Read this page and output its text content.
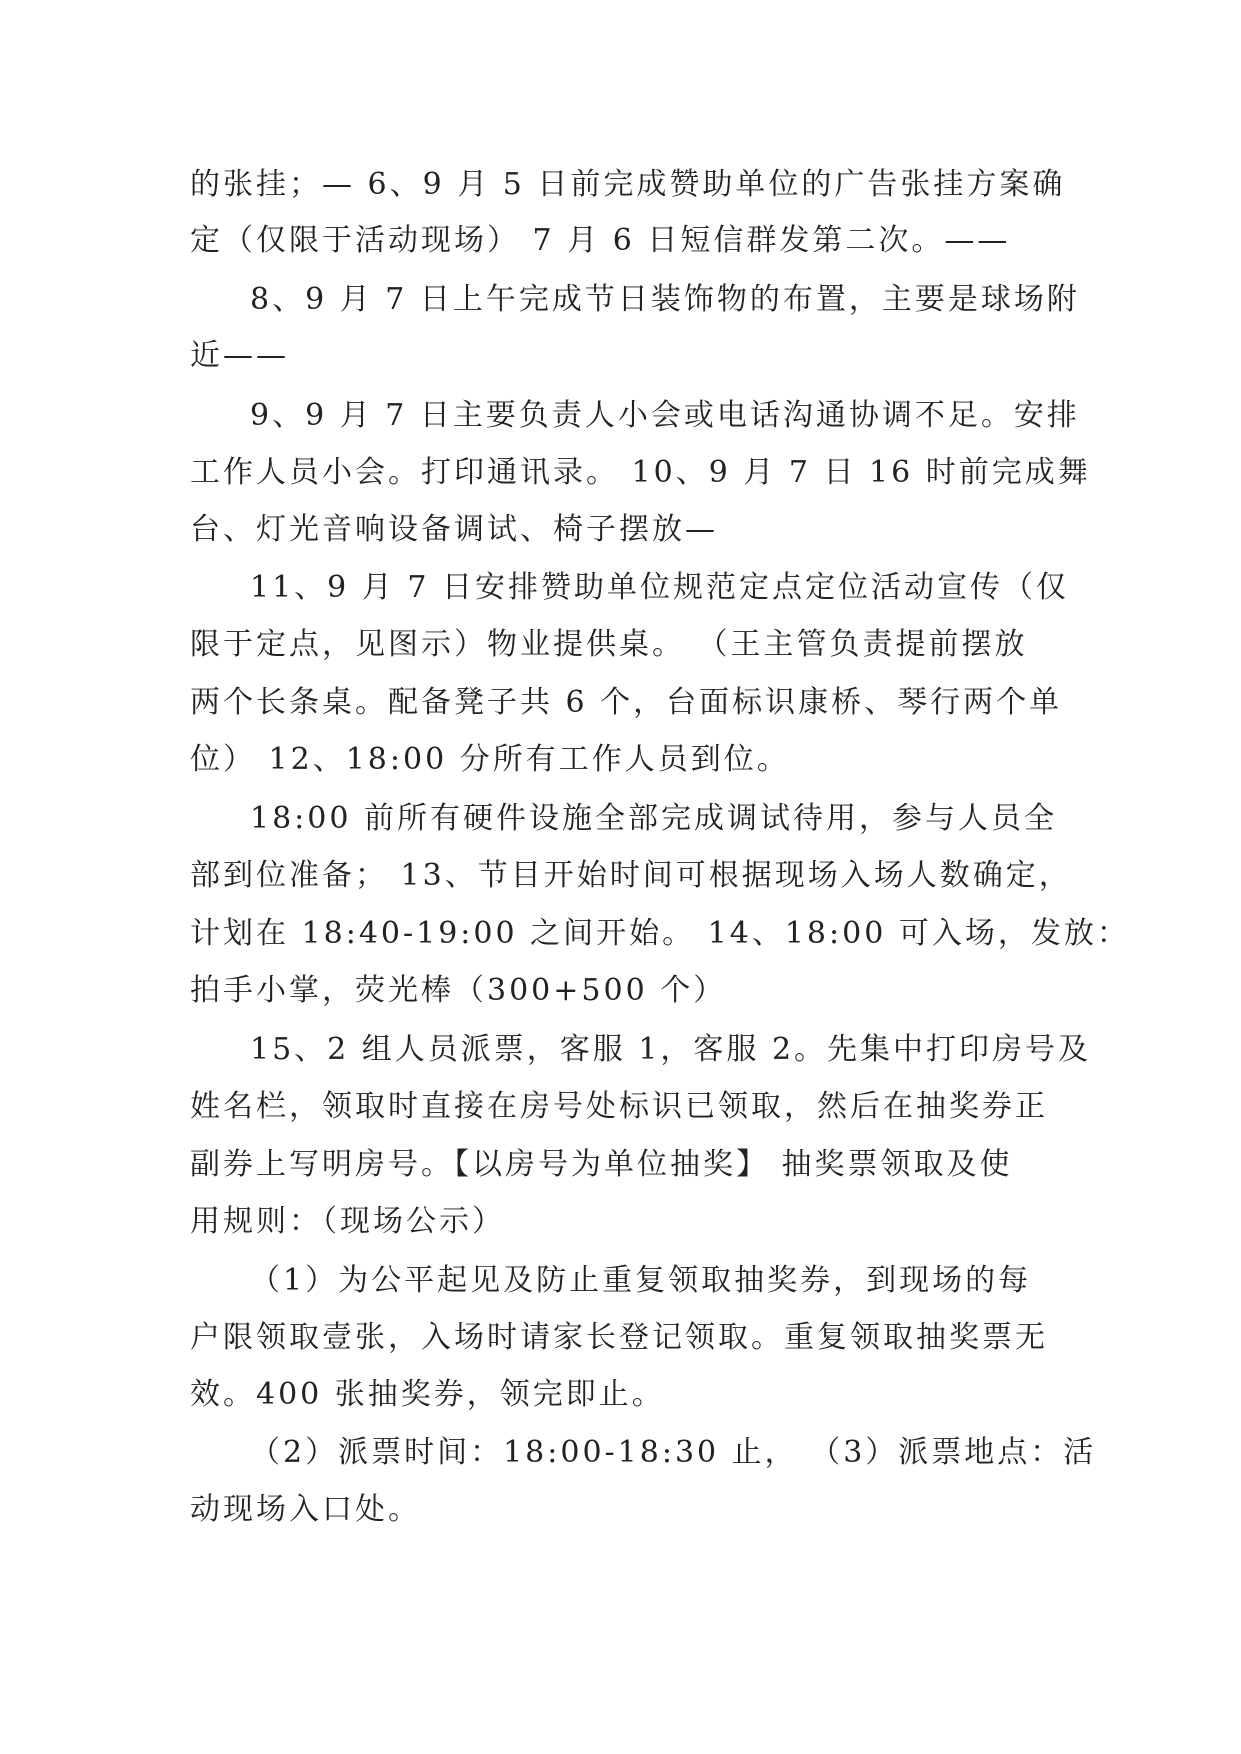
的张挂；— 6、9 月 5 日前完成赞助单位的广告张挂方案确
定（仅限于活动现场） 7 月 6 日短信群发第二次。——
8、9 月 7 日上午完成节日装饰物的布置，主要是球场附
近——
9、9 月 7 日主要负责人小会或电话沟通协调不足。安排
工作人员小会。打印通讯录。 10、9 月 7 日 16 时前完成舞
台、灯光音响设备调试、椅子摆放—
11、9 月 7 日安排赞助单位规范定点定位活动宣传（仅
限于定点，见图示）物业提供桌。 （王主管负责提前摆放
两个长条桌。配备凳子共 6 个，台面标识康桥、琴行两个单
位） 12、18:00 分所有工作人员到位。
18:00 前所有硬件设施全部完成调试待用，参与人员全
部到位准备； 13、节目开始时间可根据现场入场人数确定，
计划在 18:40-19:00 之间开始。 14、18:00 可入场，发放：
拍手小掌，荧光棒（300+500 个）
15、2 组人员派票，客服 1，客服 2。先集中打印房号及
姓名栏，领取时直接在房号处标识已领取，然后在抽奖券正
副券上写明房号。【以房号为单位抽奖】 抽奖票领取及使
用规则：（现场公示）
（1）为公平起见及防止重复领取抽奖券，到现场的每
户限领取壹张，入场时请家长登记领取。重复领取抽奖票无
效。400 张抽奖券，领完即止。
（2）派票时间：18:00-18:30 止， （3）派票地点：活
动现场入口处。
